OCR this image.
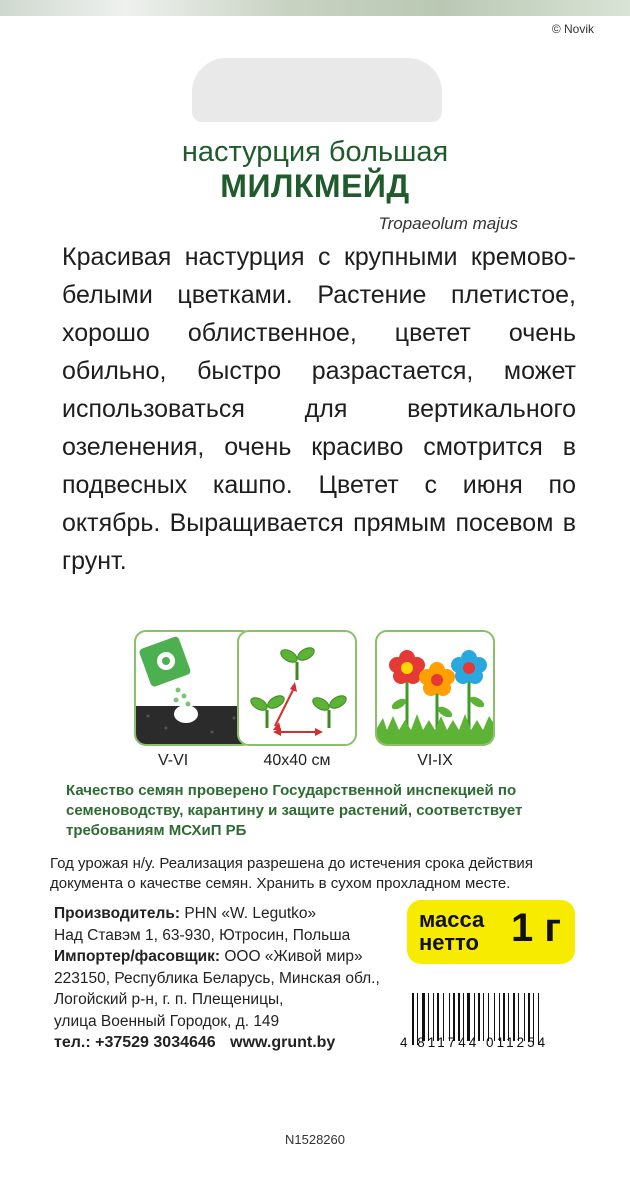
© Novik
настурция большая
МИЛКМЕЙД
Tropaeolum majus
Красивая настурция с крупными кремово-белыми цветками. Растение плетистое, хорошо облиственное, цветет очень обильно, быстро разрастается, может использоваться для вертикального озеленения, очень красиво смотрится в подвесных кашпо. Цветет с июня по октябрь. Выращивается прямым посевом в грунт.
V-VI	40х40 см	VI-IX
Качество семян проверено Государственной инспекцией по семеноводству, карантину и защите растений, соответствует требованиям МСХиП РБ
Год урожая н/у. Реализация разрешена до истечения срока действия документа о качестве семян. Хранить в сухом прохладном месте.
Производитель: PHN «W. Legutko»
Над Ставэм 1, 63-930, Ютросин, Польша
Импортер/фасовщик: ООО «Живой мир»
223150, Республика Беларусь, Минская обл.,
Логойский р-н, г. п. Плещеницы,
улица Военный Городок, д. 149
тел.: +37529 3034646 www.grunt.by
масса
нетто 1 г
4 811744 011254
N1528260
